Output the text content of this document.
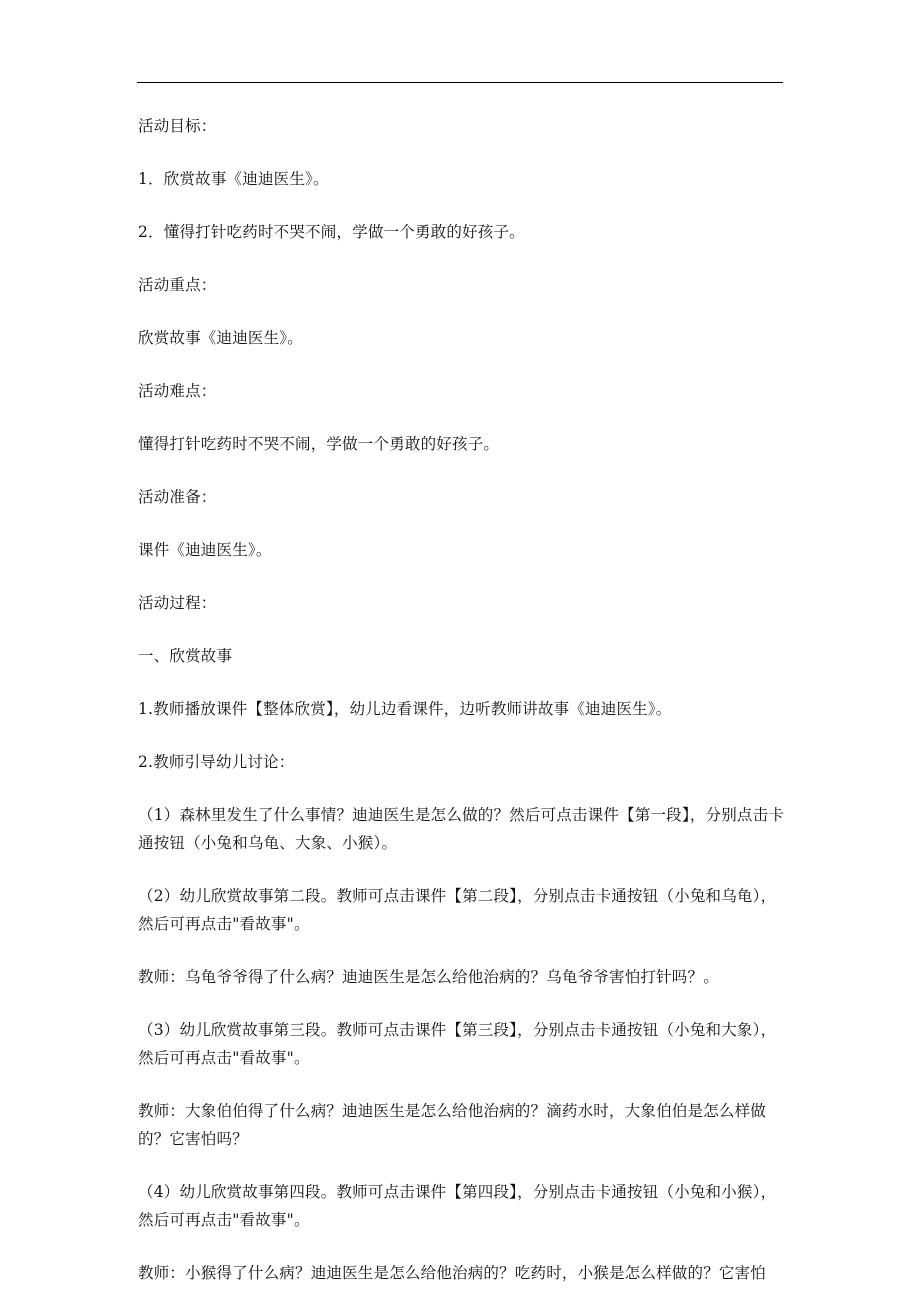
活动目标：

1．欣赏故事《迪迪医生》。

2．懂得打针吃药时不哭不闹，学做一个勇敢的好孩子。

活动重点：

欣赏故事《迪迪医生》。

活动难点：

懂得打针吃药时不哭不闹，学做一个勇敢的好孩子。

活动准备：

课件《迪迪医生》。

活动过程：

一、欣赏故事

1.教师播放课件【整体欣赏】，幼儿边看课件，边听教师讲故事《迪迪医生》。

2.教师引导幼儿讨论：

（1）森林里发生了什么事情？迪迪医生是怎么做的？然后可点击课件【第一段】，分别点击卡通按钮（小兔和乌龟、大象、小猴）。

（2）幼儿欣赏故事第二段。教师可点击课件【第二段】，分别点击卡通按钮（小兔和乌龟），然后可再点击"看故事"。

教师：乌龟爷爷得了什么病？迪迪医生是怎么给他治病的？乌龟爷爷害怕打针吗？。

（3）幼儿欣赏故事第三段。教师可点击课件【第三段】，分别点击卡通按钮（小兔和大象），然后可再点击"看故事"。

教师：大象伯伯得了什么病？迪迪医生是怎么给他治病的？滴药水时，大象伯伯是怎么样做的？它害怕吗？

（4）幼儿欣赏故事第四段。教师可点击课件【第四段】，分别点击卡通按钮（小兔和小猴），然后可再点击"看故事"。

教师：小猴得了什么病？迪迪医生是怎么给他治病的？吃药时，小猴是怎么样做的？它害怕
